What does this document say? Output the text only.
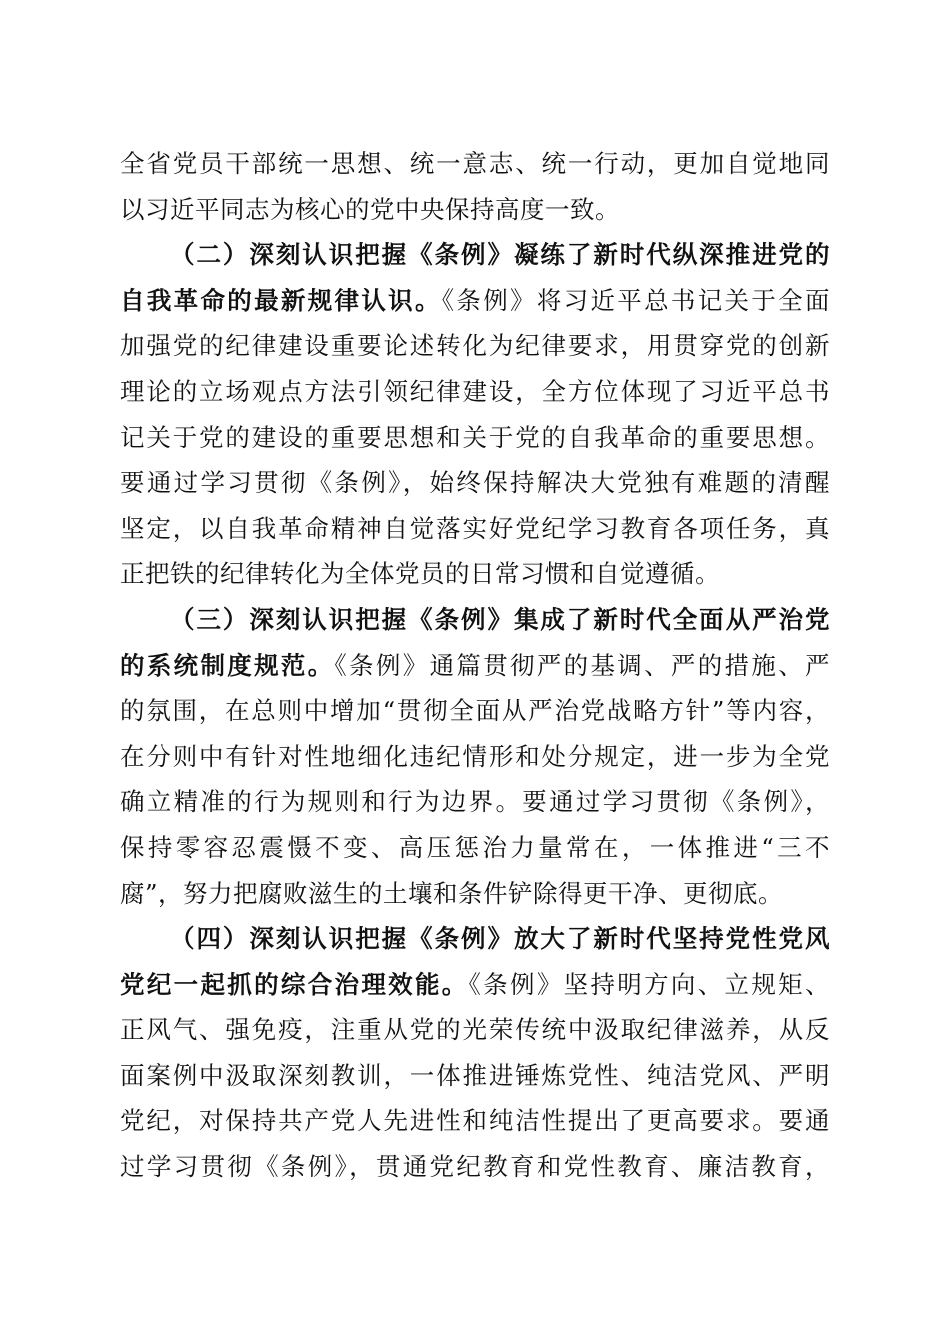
全省党员干部统一思想、统一意志、统一行动，更加自觉地同
以习近平同志为核心的党中央保持高度一致。
（二）深刻认识把握《条例》凝练了新时代纵深推进党的
自我革命的最新规律认识。《条例》将习近平总书记关于全面
加强党的纪律建设重要论述转化为纪律要求，用贯穿党的创新
理论的立场观点方法引领纪律建设，全方位体现了习近平总书
记关于党的建设的重要思想和关于党的自我革命的重要思想。
要通过学习贯彻《条例》，始终保持解决大党独有难题的清醒
坚定，以自我革命精神自觉落实好党纪学习教育各项任务，真
正把铁的纪律转化为全体党员的日常习惯和自觉遵循。
（三）深刻认识把握《条例》集成了新时代全面从严治党
的系统制度规范。《条例》通篇贯彻严的基调、严的措施、严
的氛围，在总则中增加“贯彻全面从严治党战略方针”等内容，
在分则中有针对性地细化违纪情形和处分规定，进一步为全党
确立精准的行为规则和行为边界。要通过学习贯彻《条例》，
保持零容忍震慑不变、高压惩治力量常在，一体推进“三不
腐”，努力把腐败滋生的土壤和条件铲除得更干净、更彻底。
（四）深刻认识把握《条例》放大了新时代坚持党性党风
党纪一起抓的综合治理效能。《条例》坚持明方向、立规矩、
正风气、强免疫，注重从党的光荣传统中汲取纪律滋养，从反
面案例中汲取深刻教训，一体推进锤炼党性、纯洁党风、严明
党纪，对保持共产党人先进性和纯洁性提出了更高要求。要通
过学习贯彻《条例》，贯通党纪教育和党性教育、廉洁教育，
